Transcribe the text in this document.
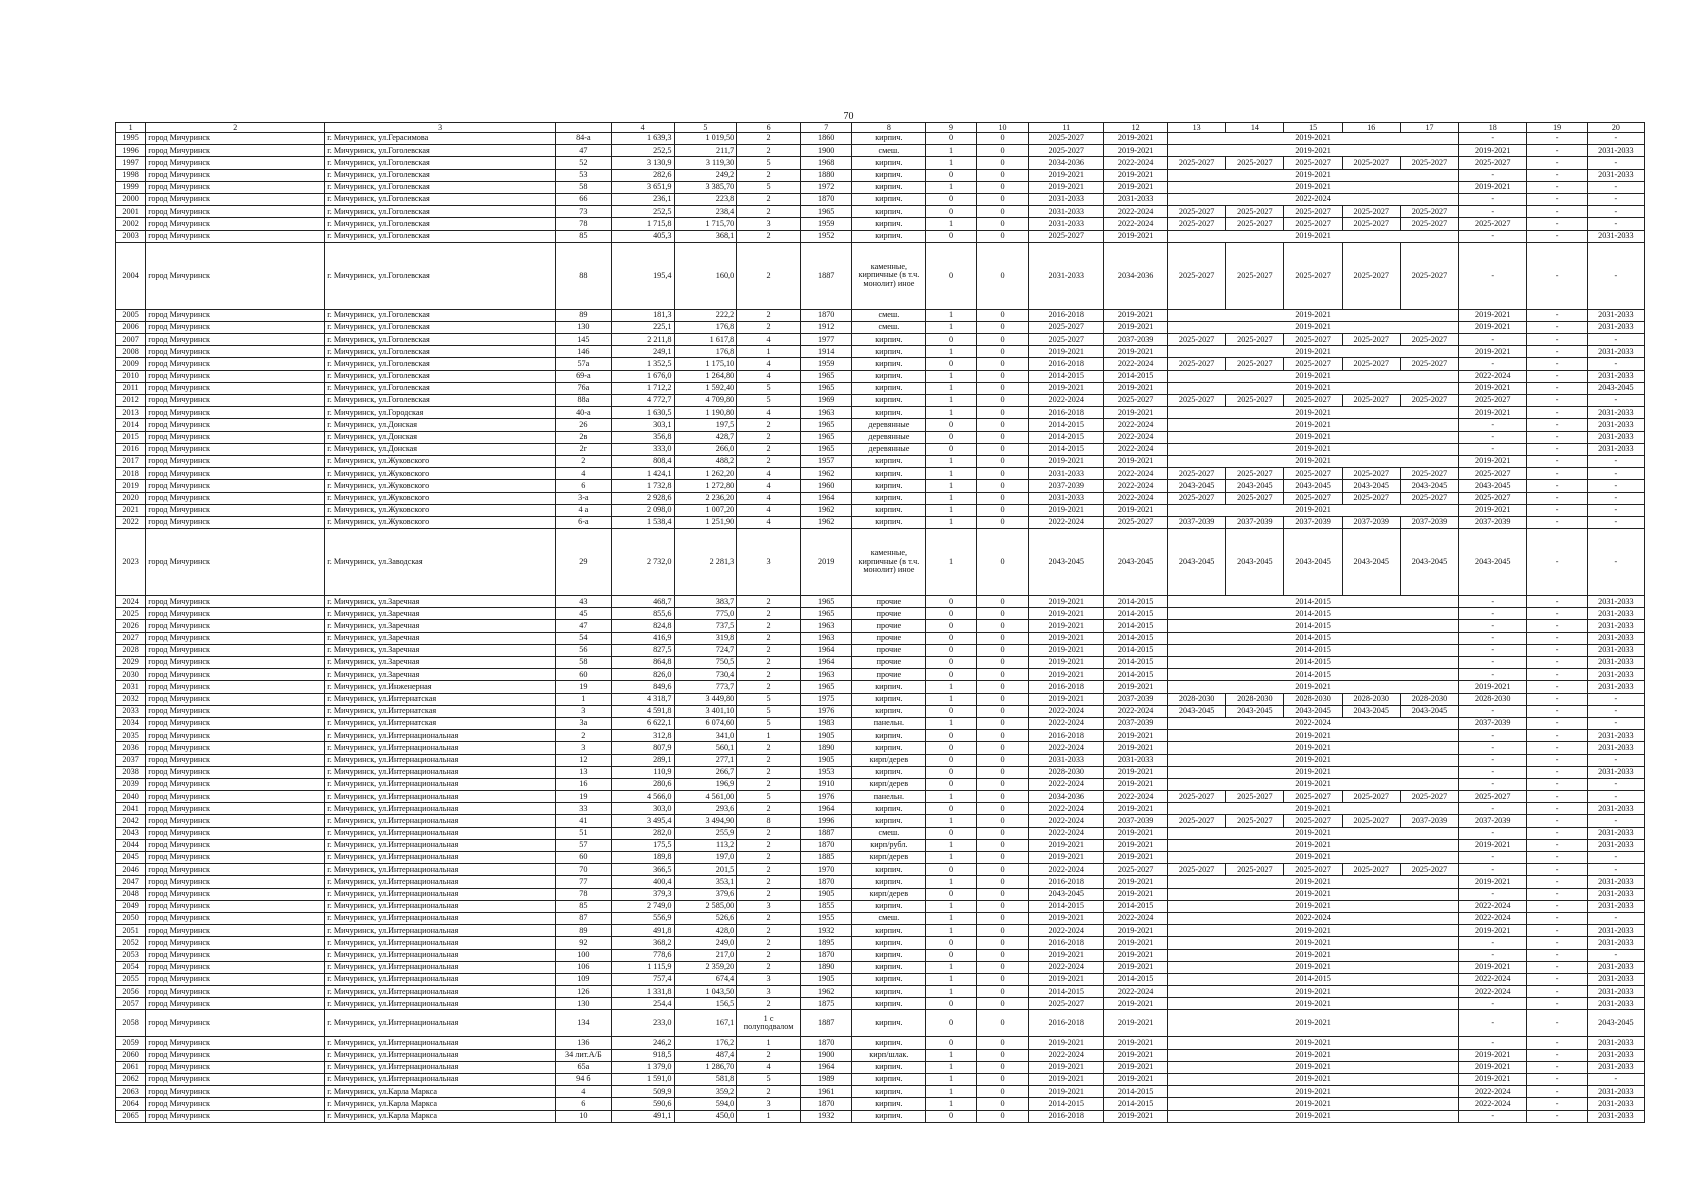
70
1	2	3		4	5	6	7	8	9	10	11	12	13	14	15	16	17	18	19	20
1995	город Мичуринск	г. Мичуринск, ул.Герасимова	84-а	1 639,3	1 019,50	2	1860	кирпич.	0	0	2025-2027	2019-2021	2019-2021					-	-	-
1996	город Мичуринск	г. Мичуринск, ул.Гоголевская	47	252,5	211,7	2	1900	смеш.	1	0	2025-2027	2019-2021	2019-2021					2019-2021	-	2031-2033
1997	город Мичуринск	г. Мичуринск, ул.Гоголевская	52	3 130,9	3 119,30	5	1968	кирпич.	1	0	2034-2036	2022-2024	2025-2027	2025-2027	2025-2027	2025-2027	2025-2027	2025-2027	-	-
1998	город Мичуринск	г. Мичуринск, ул.Гоголевская	53	282,6	249,2	2	1880	кирпич.	0	0	2019-2021	2019-2021	2019-2021					-	-	2031-2033
1999	город Мичуринск	г. Мичуринск, ул.Гоголевская	58	3 651,9	3 385,70	5	1972	кирпич.	1	0	2019-2021	2019-2021	2019-2021					2019-2021	-	-
2000	город Мичуринск	г. Мичуринск, ул.Гоголевская	66	236,1	223,8	2	1870	кирпич.	0	0	2031-2033	2031-2033	2022-2024					-	-	-
2001	город Мичуринск	г. Мичуринск, ул.Гоголевская	73	252,5	238,4	2	1965	кирпич.	0	0	2031-2033	2022-2024	2025-2027	2025-2027	2025-2027	2025-2027	2025-2027	-	-	-
2002	город Мичуринск	г. Мичуринск, ул.Гоголевская	78	1 715,8	1 715,70	3	1959	кирпич.	1	0	2031-2033	2022-2024	2025-2027	2025-2027	2025-2027	2025-2027	2025-2027	2025-2027	-	-
2003	город Мичуринск	г. Мичуринск, ул.Гоголевская	85	405,3	368,1	2	1952	кирпич.	0	0	2025-2027	2019-2021	2019-2021					-	-	2031-2033
2004	город Мичуринск	г. Мичуринск, ул.Гоголевская	88	195,4	160,0	2	1887	каменные, кирпичные (в т.ч. монолит) иное	0	0	2031-2033	2034-2036	2025-2027	2025-2027	2025-2027	2025-2027	2025-2027	-	-	-
2005	город Мичуринск	г. Мичуринск, ул.Гоголевская	89	181,3	222,2	2	1870	смеш.	1	0	2016-2018	2019-2021	2019-2021					2019-2021	-	2031-2033
2006	город Мичуринск	г. Мичуринск, ул.Гоголевская	130	225,1	176,8	2	1912	смеш.	1	0	2025-2027	2019-2021	2019-2021					2019-2021	-	2031-2033
2007	город Мичуринск	г. Мичуринск, ул.Гоголевская	145	2 211,8	1 617,8	4	1977	кирпич.	0	0	2025-2027	2037-2039	2025-2027	2025-2027	2025-2027	2025-2027	2025-2027	-	-	-
2008	город Мичуринск	г. Мичуринск, ул.Гоголевская	146	249,1	176,8	1	1914	кирпич.	1	0	2019-2021	2019-2021	2019-2021					2019-2021	-	2031-2033
2009	город Мичуринск	г. Мичуринск, ул.Гоголевская	57а	1 352,5	1 175,10	4	1959	кирпич.	0	0	2016-2018	2022-2024	2025-2027	2025-2027	2025-2027	2025-2027	2025-2027	-	-	-
2010	город Мичуринск	г. Мичуринск, ул.Гоголевская	69-а	1 676,0	1 264,80	4	1965	кирпич.	1	0	2014-2015	2014-2015	2019-2021					2022-2024	-	2031-2033
2011	город Мичуринск	г. Мичуринск, ул.Гоголевская	76а	1 712,2	1 592,40	5	1965	кирпич.	1	0	2019-2021	2019-2021	2019-2021					2019-2021	-	2043-2045
2012	город Мичуринск	г. Мичуринск, ул.Гоголевская	88а	4 772,7	4 709,80	5	1969	кирпич.	1	0	2022-2024	2025-2027	2025-2027	2025-2027	2025-2027	2025-2027	2025-2027	2025-2027	-	-
2013	город Мичуринск	г. Мичуринск, ул.Городская	40-а	1 630,5	1 190,80	4	1963	кирпич.	1	0	2016-2018	2019-2021	2019-2021					2019-2021	-	2031-2033
2014	город Мичуринск	г. Мичуринск, ул.Донская	26	303,1	197,5	2	1965	деревянные	0	0	2014-2015	2022-2024	2019-2021					-	-	2031-2033
2015	город Мичуринск	г. Мичуринск, ул.Донская	2в	356,8	428,7	2	1965	деревянные	0	0	2014-2015	2022-2024	2019-2021					-	-	2031-2033
2016	город Мичуринск	г. Мичуринск, ул.Донская	2г	333,0	266,0	2	1965	деревянные	0	0	2014-2015	2022-2024	2019-2021					-	-	2031-2033
2017	город Мичуринск	г. Мичуринск, ул.Жуковского	2	808,4	488,2	2	1957	кирпич.	1	0	2019-2021	2019-2021	2019-2021					2019-2021	-	-
2018	город Мичуринск	г. Мичуринск, ул.Жуковского	4	1 424,1	1 262,20	4	1962	кирпич.	1	0	2031-2033	2022-2024	2025-2027	2025-2027	2025-2027	2025-2027	2025-2027	2025-2027	-	-
2019	город Мичуринск	г. Мичуринск, ул.Жуковского	6	1 732,8	1 272,80	4	1960	кирпич.	1	0	2037-2039	2022-2024	2043-2045	2043-2045	2043-2045	2043-2045	2043-2045	2043-2045	-	-
2020	город Мичуринск	г. Мичуринск, ул.Жуковского	3-а	2 928,6	2 236,20	4	1964	кирпич.	1	0	2031-2033	2022-2024	2025-2027	2025-2027	2025-2027	2025-2027	2025-2027	2025-2027	-	-
2021	город Мичуринск	г. Мичуринск, ул.Жуковского	4 а	2 098,0	1 007,20	4	1962	кирпич.	1	0	2019-2021	2019-2021	2019-2021					2019-2021	-	-
2022	город Мичуринск	г. Мичуринск, ул.Жуковского	6-а	1 538,4	1 251,90	4	1962	кирпич.	1	0	2022-2024	2025-2027	2037-2039	2037-2039	2037-2039	2037-2039	2037-2039	2037-2039	-	-
2023	город Мичуринск	г. Мичуринск, ул.Заводская	29	2 732,0	2 281,3	3	2019	каменные, кирпичные (в т.ч. монолит) иное	1	0	2043-2045	2043-2045	2043-2045	2043-2045	2043-2045	2043-2045	2043-2045	2043-2045	-	-
2024	город Мичуринск	г. Мичуринск, ул.Заречная	43	468,7	383,7	2	1965	прочие	0	0	2019-2021	2014-2015	2014-2015					-	-	2031-2033
2025	город Мичуринск	г. Мичуринск, ул.Заречная	45	855,6	775,0	2	1965	прочие	0	0	2019-2021	2014-2015	2014-2015					-	-	2031-2033
2026	город Мичуринск	г. Мичуринск, ул.Заречная	47	824,8	737,5	2	1963	прочие	0	0	2019-2021	2014-2015	2014-2015					-	-	2031-2033
2027	город Мичуринск	г. Мичуринск, ул.Заречная	54	416,9	319,8	2	1963	прочие	0	0	2019-2021	2014-2015	2014-2015					-	-	2031-2033
2028	город Мичуринск	г. Мичуринск, ул.Заречная	56	827,5	724,7	2	1964	прочие	0	0	2019-2021	2014-2015	2014-2015					-	-	2031-2033
2029	город Мичуринск	г. Мичуринск, ул.Заречная	58	864,8	750,5	2	1964	прочие	0	0	2019-2021	2014-2015	2014-2015					-	-	2031-2033
2030	город Мичуринск	г. Мичуринск, ул.Заречная	60	826,0	730,4	2	1963	прочие	0	0	2019-2021	2014-2015	2014-2015					-	-	2031-2033
2031	город Мичуринск	г. Мичуринск, ул.Инженерная	19	849,6	773,7	2	1965	кирпич.	1	0	2016-2018	2019-2021	2019-2021					2019-2021	-	2031-2033
2032	город Мичуринск	г. Мичуринск, ул.Интернатская	1	4 318,7	3 449,80	5	1975	кирпич.	1	0	2019-2021	2037-2039	2028-2030	2028-2030	2028-2030	2028-2030	2028-2030	2028-2030	-	-
2033	город Мичуринск	г. Мичуринск, ул.Интернатская	3	4 591,8	3 401,10	5	1976	кирпич.	0	0	2022-2024	2022-2024	2043-2045	2043-2045	2043-2045	2043-2045	2043-2045	-	-	-
2034	город Мичуринск	г. Мичуринск, ул.Интернатская	3а	6 622,1	6 074,60	5	1983	панельн.	1	0	2022-2024	2037-2039	2022-2024					2037-2039	-	-
2035	город Мичуринск	г. Мичуринск, ул.Интернациональная	2	312,8	341,0	1	1905	кирпич.	0	0	2016-2018	2019-2021	2019-2021					-	-	2031-2033
2036	город Мичуринск	г. Мичуринск, ул.Интернациональная	3	807,9	560,1	2	1890	кирпич.	0	0	2022-2024	2019-2021	2019-2021					-	-	2031-2033
2037	город Мичуринск	г. Мичуринск, ул.Интернациональная	12	289,1	277,1	2	1905	кирп/дерев	0	0	2031-2033	2031-2033	2019-2021					-	-	-
2038	город Мичуринск	г. Мичуринск, ул.Интернациональная	13	110,9	266,7	2	1953	кирпич.	0	0	2028-2030	2019-2021	2019-2021					-	-	2031-2033
2039	город Мичуринск	г. Мичуринск, ул.Интернациональная	16	280,6	196,9	2	1910	кирп/дерев	0	0	2022-2024	2019-2021	2019-2021					-	-	-
2040	город Мичуринск	г. Мичуринск, ул.Интернациональная	19	4 566,0	4 561,00	5	1976	панельн.	1	0	2034-2036	2022-2024	2025-2027	2025-2027	2025-2027	2025-2027	2025-2027	2025-2027	-	-
2041	город Мичуринск	г. Мичуринск, ул.Интернациональная	33	303,0	293,6	2	1964	кирпич.	0	0	2022-2024	2019-2021	2019-2021					-	-	2031-2033
2042	город Мичуринск	г. Мичуринск, ул.Интернациональная	41	3 495,4	3 494,90	8	1996	кирпич.	1	0	2022-2024	2037-2039	2025-2027	2025-2027	2025-2027	2025-2027	2037-2039	2037-2039	-	-
2043	город Мичуринск	г. Мичуринск, ул.Интернациональная	51	282,0	255,9	2	1887	смеш.	0	0	2022-2024	2019-2021	2019-2021					-	-	2031-2033
2044	город Мичуринск	г. Мичуринск, ул.Интернациональная	57	175,5	113,2	2	1870	кирп/рубл.	1	0	2019-2021	2019-2021	2019-2021					2019-2021	-	2031-2033
2045	город Мичуринск	г. Мичуринск, ул.Интернациональная	60	189,8	197,0	2	1885	кирп/дерев	1	0	2019-2021	2019-2021	2019-2021					-	-	-
2046	город Мичуринск	г. Мичуринск, ул.Интернациональная	70	366,5	201,5	2	1970	кирпич.	0	0	2022-2024	2025-2027	2025-2027	2025-2027	2025-2027	2025-2027	2025-2027	-	-	-
2047	город Мичуринск	г. Мичуринск, ул.Интернациональная	77	400,4	353,1	2	1870	кирпич.	1	0	2016-2018	2019-2021	2019-2021					2019-2021	-	2031-2033
2048	город Мичуринск	г. Мичуринск, ул.Интернациональная	78	379,3	379,6	2	1905	кирп/дерев	0	0	2043-2045	2019-2021	2019-2021					-	-	2031-2033
2049	город Мичуринск	г. Мичуринск, ул.Интернациональная	85	2 749,0	2 585,00	3	1855	кирпич.	1	0	2014-2015	2014-2015	2019-2021					2022-2024	-	2031-2033
2050	город Мичуринск	г. Мичуринск, ул.Интернациональная	87	556,9	526,6	2	1955	смеш.	1	0	2019-2021	2022-2024	2022-2024					2022-2024	-	-
2051	город Мичуринск	г. Мичуринск, ул.Интернациональная	89	491,8	428,0	2	1932	кирпич.	1	0	2022-2024	2019-2021	2019-2021					2019-2021	-	2031-2033
2052	город Мичуринск	г. Мичуринск, ул.Интернациональная	92	368,2	249,0	2	1895	кирпич.	0	0	2016-2018	2019-2021	2019-2021					-	-	2031-2033
2053	город Мичуринск	г. Мичуринск, ул.Интернациональная	100	778,6	217,0	2	1870	кирпич.	0	0	2019-2021	2019-2021	2019-2021					-	-	-
2054	город Мичуринск	г. Мичуринск, ул.Интернациональная	106	1 115,9	2 359,20	2	1890	кирпич.	1	0	2022-2024	2019-2021	2019-2021					2019-2021	-	2031-2033
2055	город Мичуринск	г. Мичуринск, ул.Интернациональная	109	757,4	674,4	3	1905	кирпич.	1	0	2019-2021	2014-2015	2014-2015					2022-2024	-	2031-2033
2056	город Мичуринск	г. Мичуринск, ул.Интернациональная	126	1 331,8	1 043,50	3	1962	кирпич.	1	0	2014-2015	2022-2024	2019-2021					2022-2024	-	2031-2033
2057	город Мичуринск	г. Мичуринск, ул.Интернациональная	130	254,4	156,5	2	1875	кирпич.	0	0	2025-2027	2019-2021	2019-2021					-	-	2031-2033
2058	город Мичуринск	г. Мичуринск, ул.Интернациональная	134	233,0	167,1	1 с полуподвалом	1887	кирпич.	0	0	2016-2018	2019-2021	2019-2021					-	-	2043-2045
2059	город Мичуринск	г. Мичуринск, ул.Интернациональная	136	246,2	176,2	1	1870	кирпич.	0	0	2019-2021	2019-2021	2019-2021					-	-	2031-2033
2060	город Мичуринск	г. Мичуринск, ул.Интернациональная	34 лит.А/Б	918,5	487,4	2	1900	кирп/шлак.	1	0	2022-2024	2019-2021	2019-2021					2019-2021	-	2031-2033
2061	город Мичуринск	г. Мичуринск, ул.Интернациональная	65а	1 379,0	1 286,70	4	1964	кирпич.	1	0	2019-2021	2019-2021	2019-2021					2019-2021	-	2031-2033
2062	город Мичуринск	г. Мичуринск, ул.Интернациональная	94 б	1 591,0	581,8	5	1989	кирпич.	1	0	2019-2021	2019-2021	2019-2021					2019-2021	-	-
2063	город Мичуринск	г. Мичуринск, ул.Карла Маркса	4	509,9	359,2	2	1961	кирпич.	1	0	2019-2021	2014-2015	2019-2021					2022-2024	-	2031-2033
2064	город Мичуринск	г. Мичуринск, ул.Карла Маркса	6	590,6	594,0	3	1870	кирпич.	1	0	2014-2015	2014-2015	2019-2021					2022-2024	-	2031-2033
2065	город Мичуринск	г. Мичуринск, ул.Карла Маркса	10	491,1	450,0	1	1932	кирпич.	0	0	2016-2018	2019-2021	2019-2021					-	-	2031-2033
